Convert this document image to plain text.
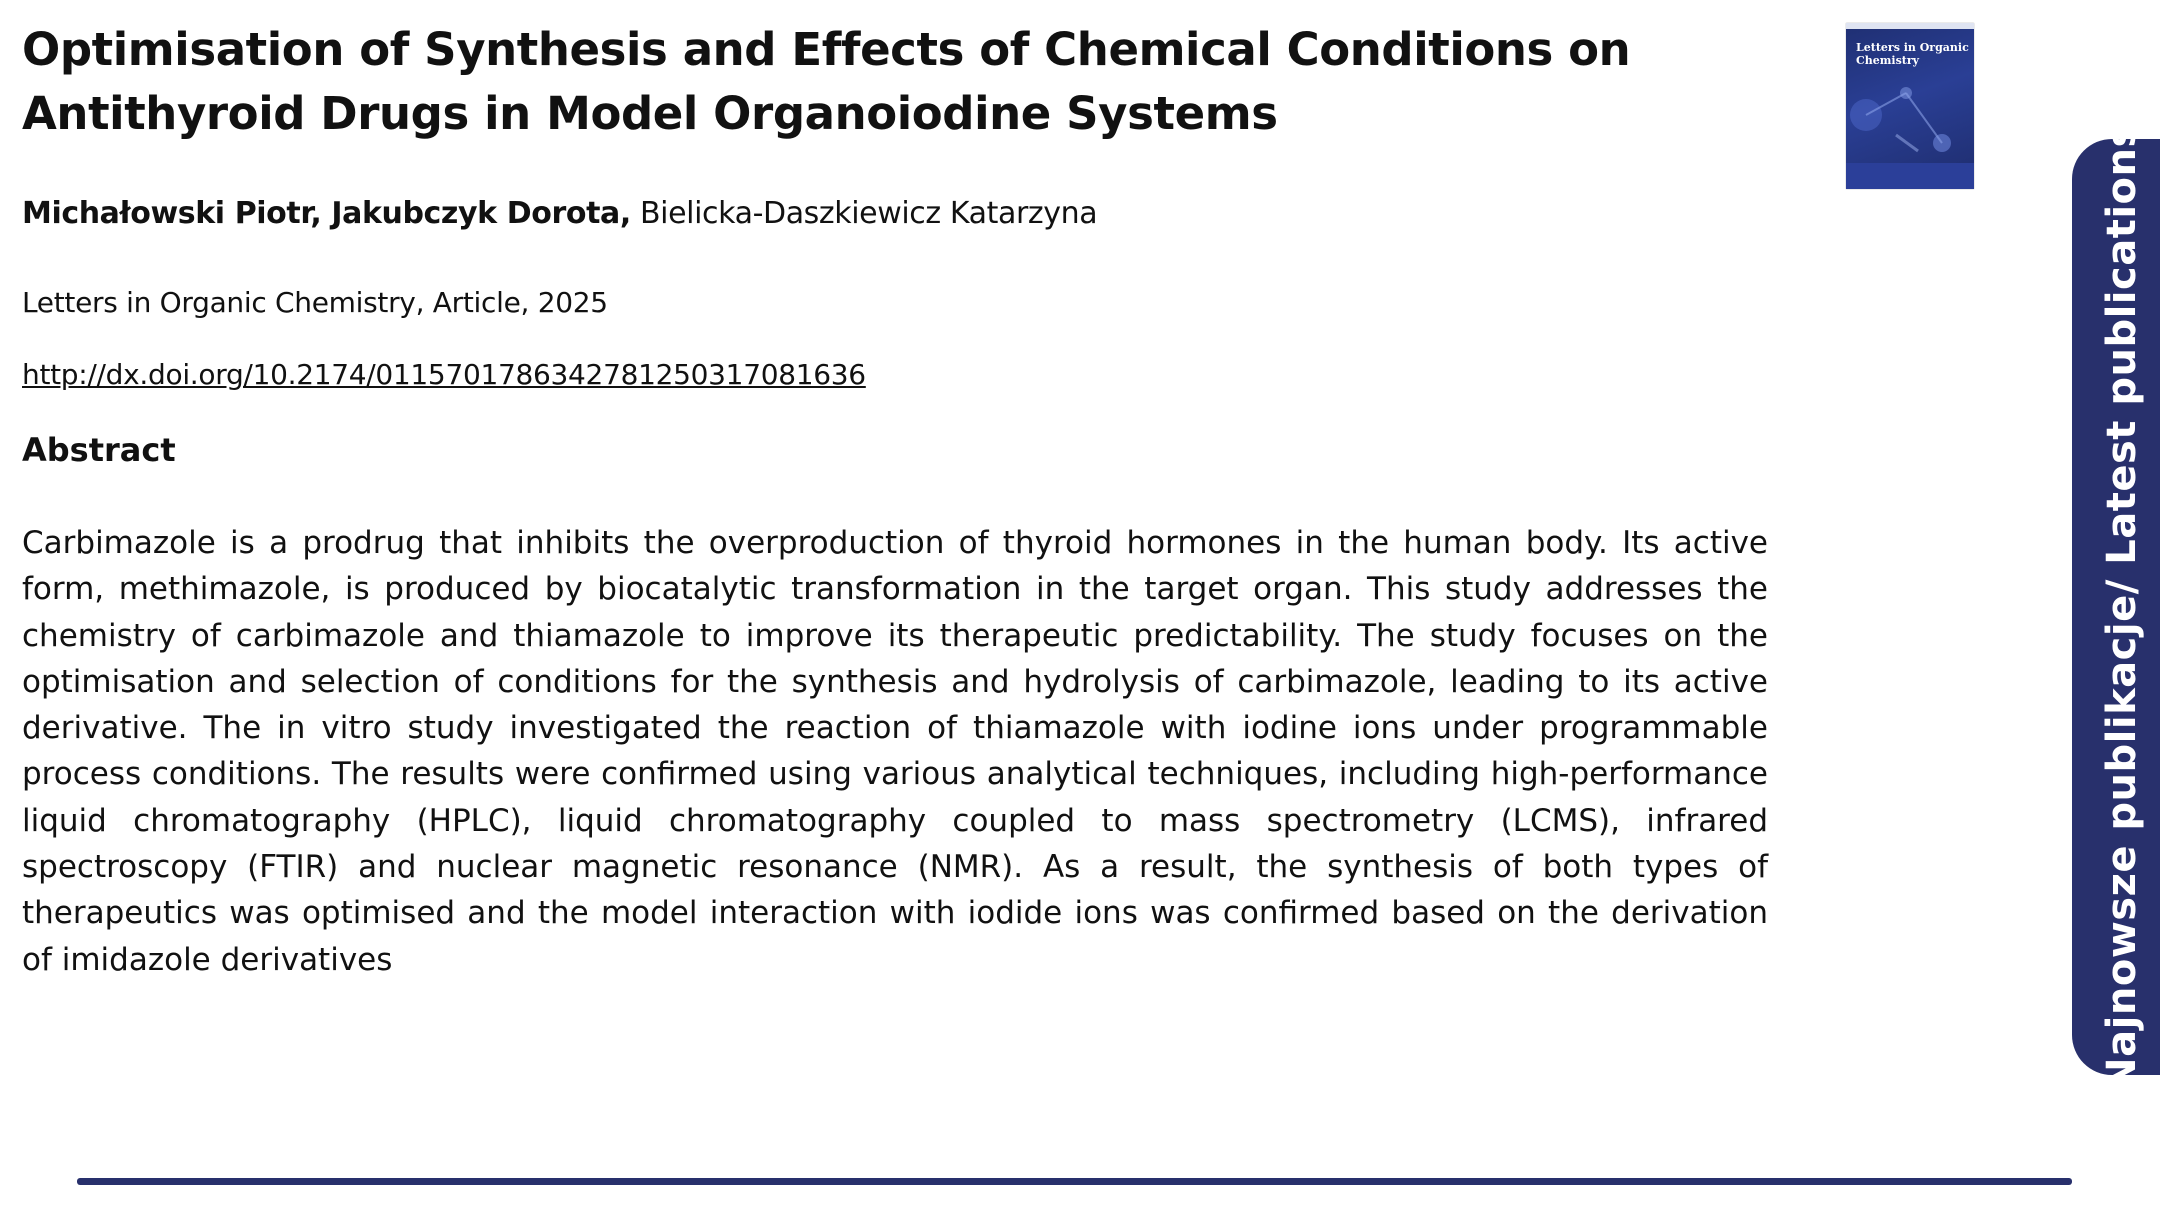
Optimisation of Synthesis and Effects of Chemical Conditions on
Antithyroid Drugs in Model Organoiodine Systems
Michałowski Piotr, Jakubczyk Dorota, Bielicka-Daszkiewicz Katarzyna
Letters in Organic Chemistry, Article, 2025
http://dx.doi.org/10.2174/0115701786342781250317081636
Abstract

Carbimazole is a prodrug that inhibits the overproduction of thyroid hormones in the human body. Its active form, methimazole, is produced by biocatalytic transformation in the target organ. This study addresses the chemistry of carbimazole and thiamazole to improve its therapeutic predictability. The study focuses on the optimisation and selection of conditions for the synthesis and hydrolysis of carbimazole, leading to its active derivative. The in vitro study investigated the reaction of thiamazole with iodine ions under programmable process conditions. The results were confirmed using various analytical techniques, including high-performance liquid chromatography (HPLC), liquid chromatography coupled to mass spectrometry (LCMS), infrared spectroscopy (FTIR) and nuclear magnetic resonance (NMR). As a result, the synthesis of both types of therapeutics was optimised and the model interaction with iodide ions was confirmed based on the derivation of imidazole derivatives

Letters in Organic Chemistry
Najnowsze publikacje/ Latest publications
